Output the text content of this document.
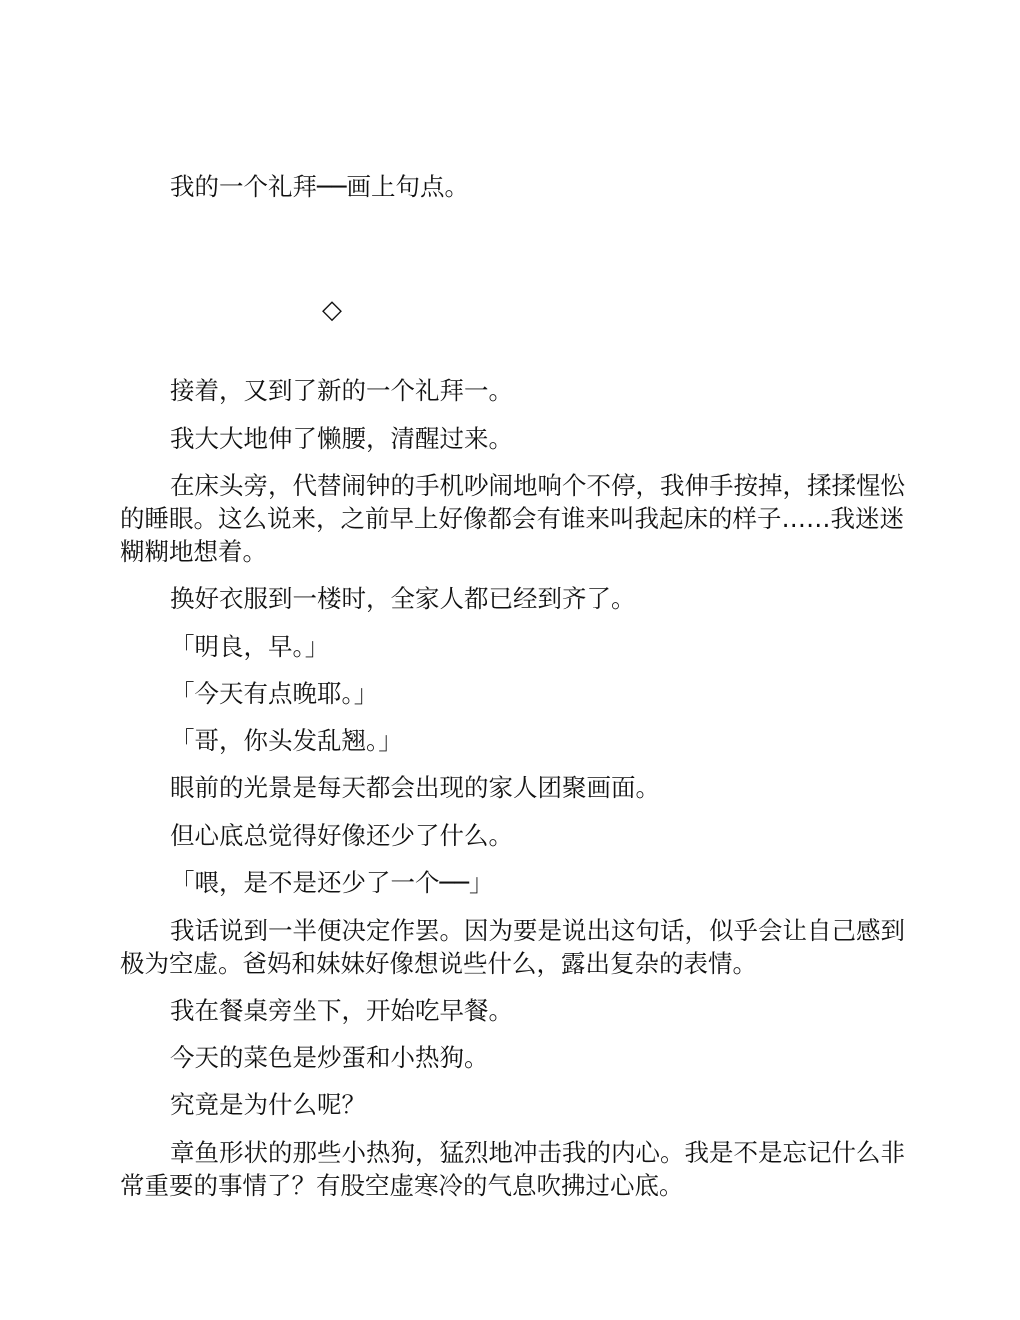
我的一个礼拜──画上句点。

◇

接着，又到了新的一个礼拜一。

我大大地伸了懒腰，清醒过来。

在床头旁，代替闹钟的手机吵闹地响个不停，我伸手按掉，揉揉惺忪的睡眼。这么说来，之前早上好像都会有谁来叫我起床的样子……我迷迷糊糊地想着。

换好衣服到一楼时，全家人都已经到齐了。

「明良，早。」

「今天有点晚耶。」

「哥，你头发乱翘。」

眼前的光景是每天都会出现的家人团聚画面。

但心底总觉得好像还少了什么。

「喂，是不是还少了一个──」

我话说到一半便决定作罢。因为要是说出这句话，似乎会让自己感到极为空虚。爸妈和妹妹好像想说些什么，露出复杂的表情。

我在餐桌旁坐下，开始吃早餐。

今天的菜色是炒蛋和小热狗。

究竟是为什么呢？

章鱼形状的那些小热狗，猛烈地冲击我的内心。我是不是忘记什么非常重要的事情了？有股空虚寒冷的气息吹拂过心底。
